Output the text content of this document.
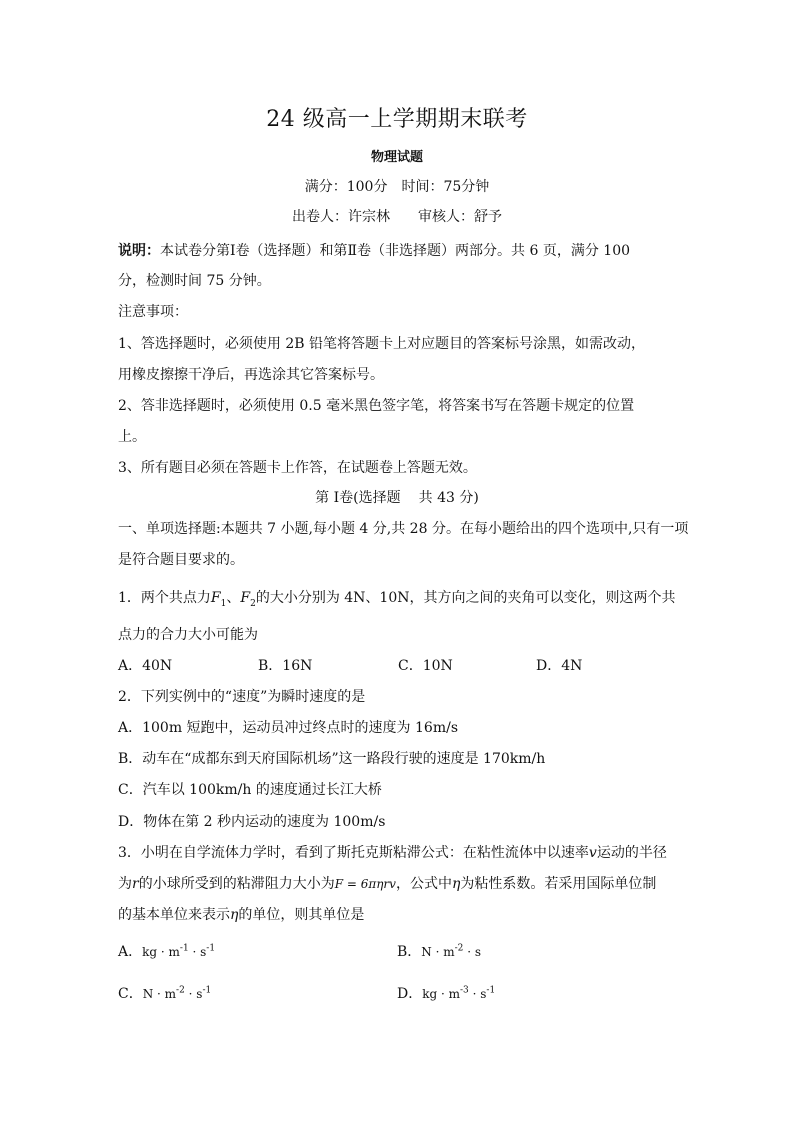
24 级高一上学期期末联考
物理试题
满分：100分　时间：75分钟
出卷人：许宗林 审核人：舒予
说明：本试卷分第Ⅰ卷（选择题）和第Ⅱ卷（非选择题）两部分。共 6 页，满分 100
分，检测时间 75 分钟。
注意事项：
1、答选择题时，必须使用 2B 铅笔将答题卡上对应题目的答案标号涂黑，如需改动，
用橡皮擦擦干净后，再选涂其它答案标号。
2、答非选择题时，必须使用 0.5 毫米黑色签字笔，将答案书写在答题卡规定的位置
上。
3、所有题目必须在答题卡上作答，在试题卷上答题无效。
第 Ⅰ卷(选择题 共 43 分)
一、单项选择题:本题共 7 小题,每小题 4 分,共 28 分。在每小题给出的四个选项中,只有一项
是符合题目要求的。
1．两个共点力$F_1$、$F_2$的大小分别为 4N、10N，其方向之间的夹角可以变化，则这两个共
点力的合力大小可能为
A．40N	B．16N	C．10N	D．4N
2．下列实例中的“速度”为瞬时速度的是
A．100m 短跑中，运动员冲过终点时的速度为 16m/s
B．动车在“成都东到天府国际机场”这一路段行驶的速度是 170km/h
C．汽车以 100km/h 的速度通过长江大桥
D．物体在第 2 秒内运动的速度为 100m/s
3．小明在自学流体力学时，看到了斯托克斯粘滞公式：在粘性流体中以速率v运动的半径
为r的小球所受到的粘滞阻力大小为F = 6πηrv，公式中η为粘性系数。若采用国际单位制
的基本单位来表示η的单位，则其单位是
A．kg · $m^{-1} \cdot s^{-1}$	B．$N \cdot m^{-2} \cdot s$
C．$N \cdot m^{-2} \cdot s^{-1}$	D．kg · $m^{-3} \cdot s^{-1}$
